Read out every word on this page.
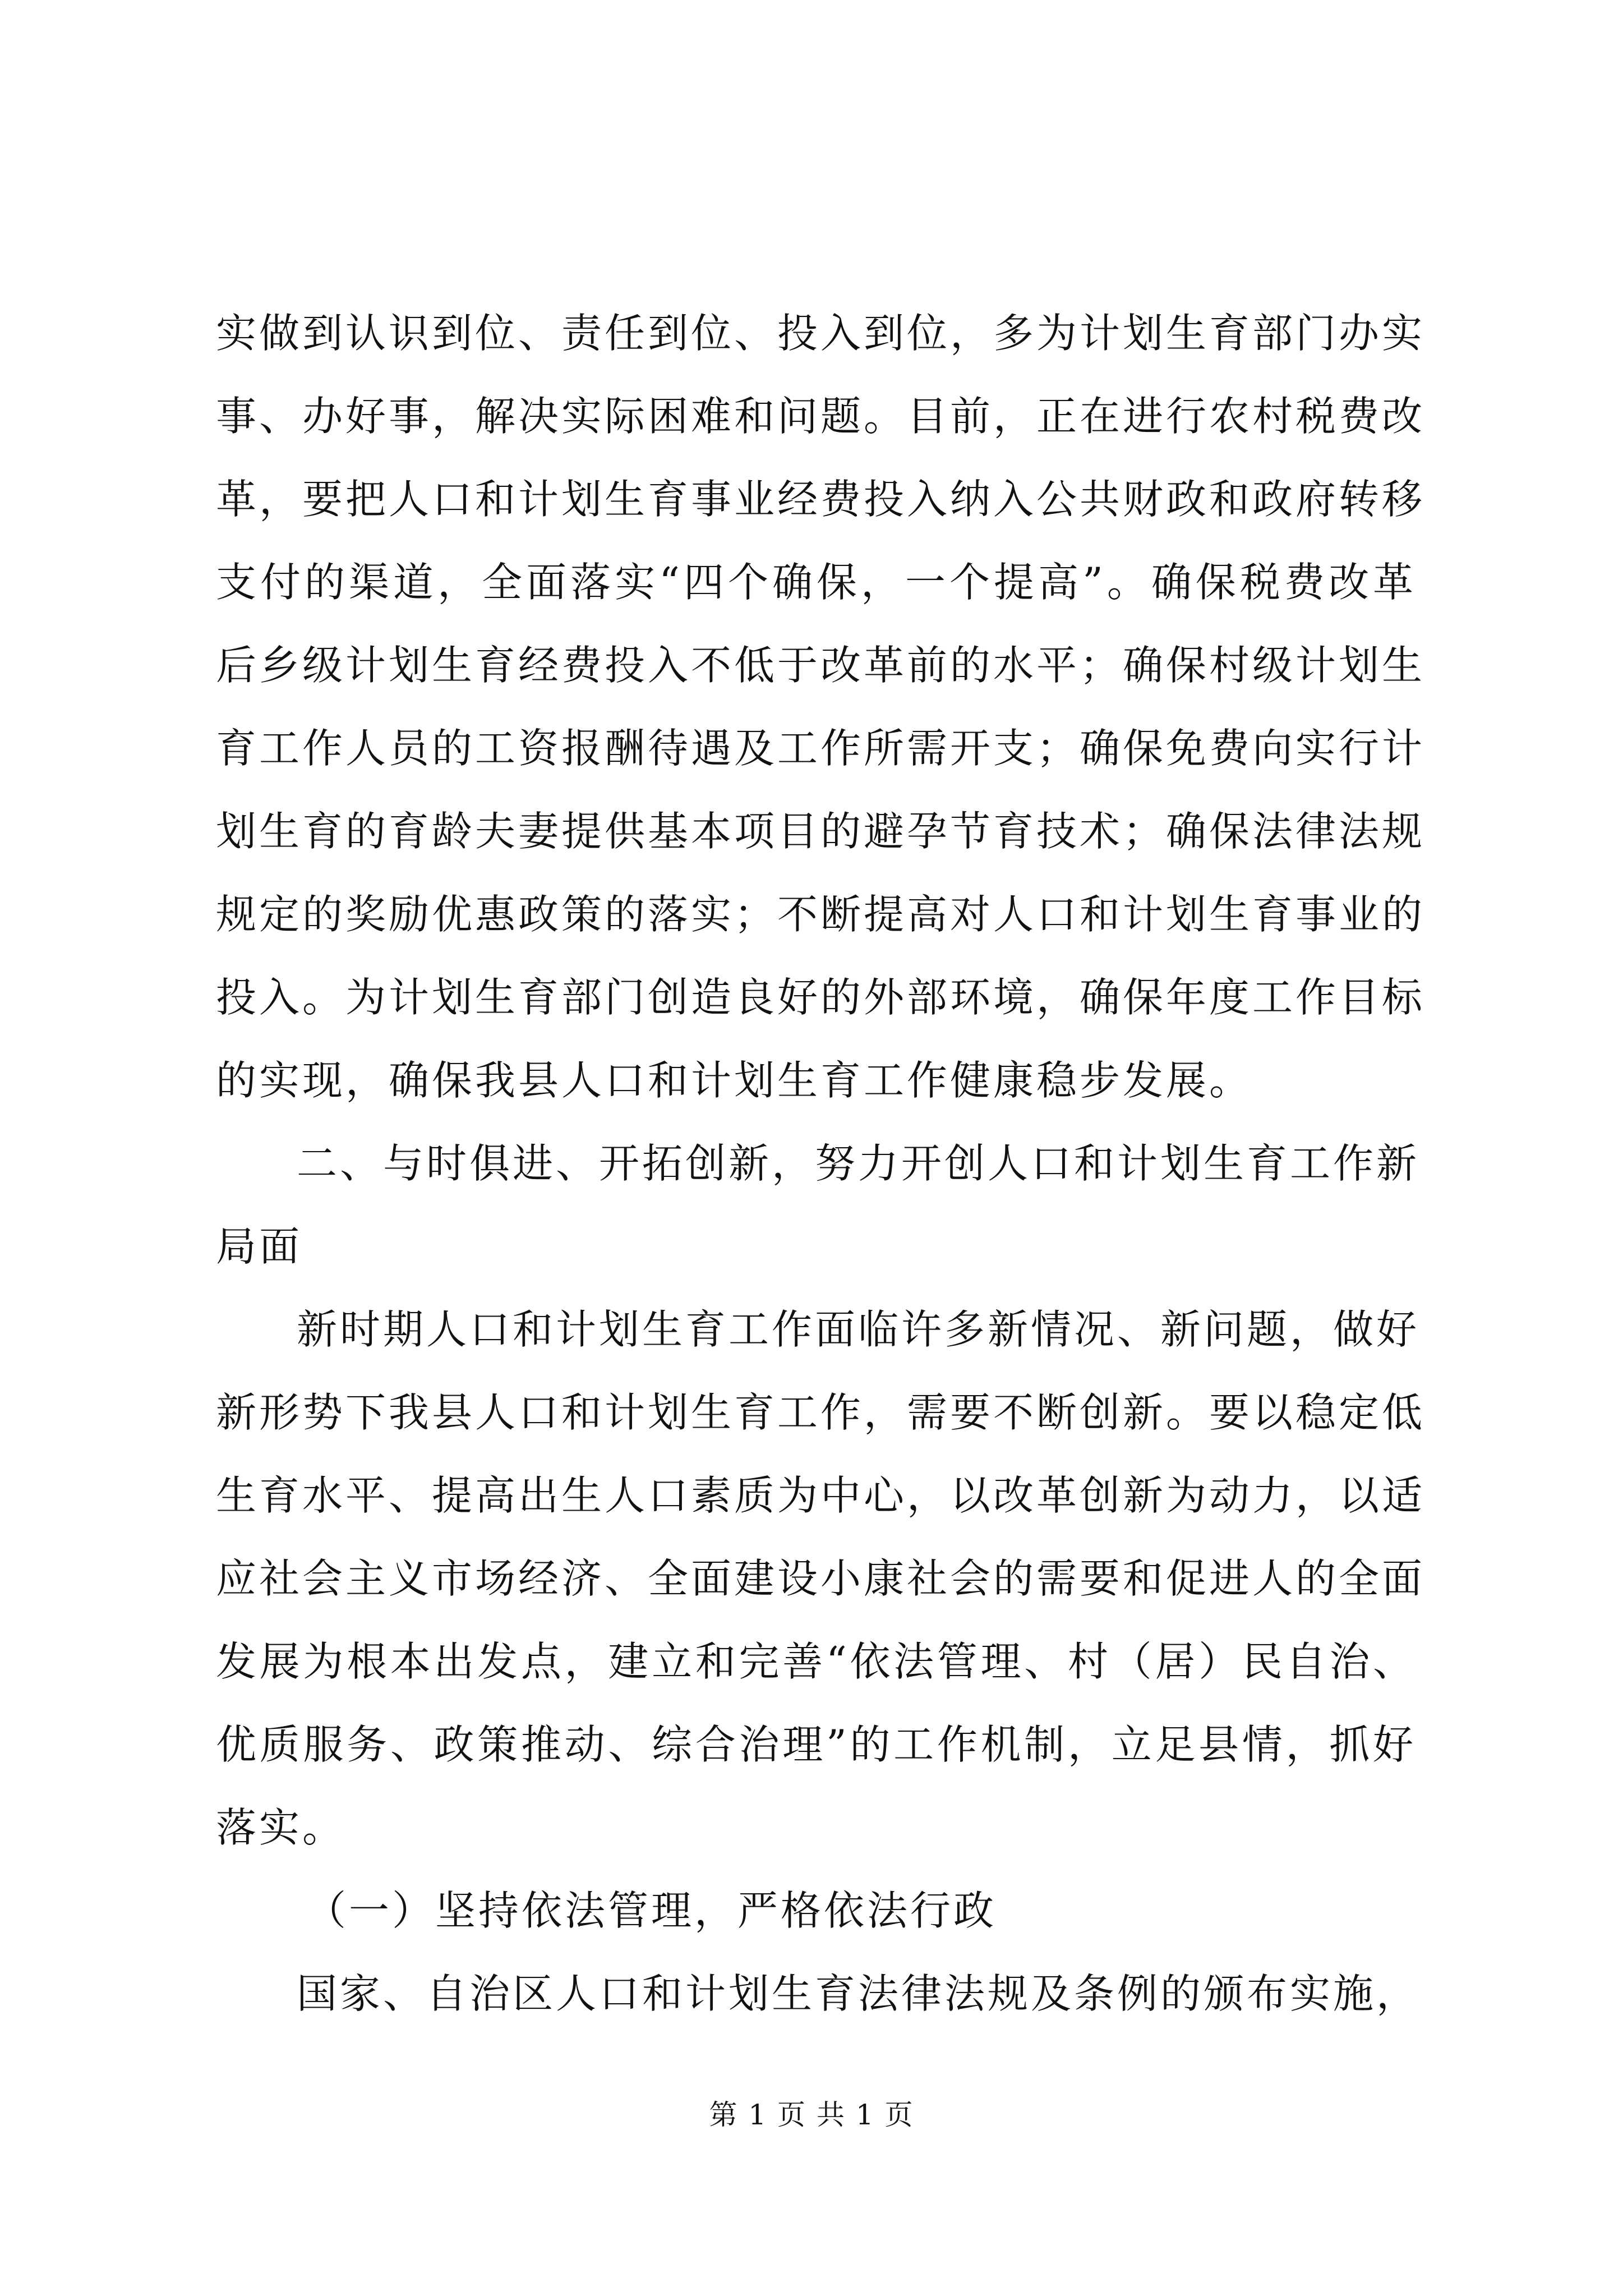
实做到认识到位、责任到位、投入到位，多为计划生育部门办实
事、办好事，解决实际困难和问题。目前，正在进行农村税费改
革，要把人口和计划生育事业经费投入纳入公共财政和政府转移
支付的渠道，全面落实“四个确保，一个提高”。确保税费改革
后乡级计划生育经费投入不低于改革前的水平；确保村级计划生
育工作人员的工资报酬待遇及工作所需开支；确保免费向实行计
划生育的育龄夫妻提供基本项目的避孕节育技术；确保法律法规
规定的奖励优惠政策的落实；不断提高对人口和计划生育事业的
投入。为计划生育部门创造良好的外部环境，确保年度工作目标
的实现，确保我县人口和计划生育工作健康稳步发展。
二、与时俱进、开拓创新，努力开创人口和计划生育工作新
局面
新时期人口和计划生育工作面临许多新情况、新问题，做好
新形势下我县人口和计划生育工作，需要不断创新。要以稳定低
生育水平、提高出生人口素质为中心，以改革创新为动力，以适
应社会主义市场经济、全面建设小康社会的需要和促进人的全面
发展为根本出发点，建立和完善“依法管理、村（居）民自治、
优质服务、政策推动、综合治理”的工作机制，立足县情，抓好
落实。
（一）坚持依法管理，严格依法行政
国家、自治区人口和计划生育法律法规及条例的颁布实施，
第 1 页 共 1 页
